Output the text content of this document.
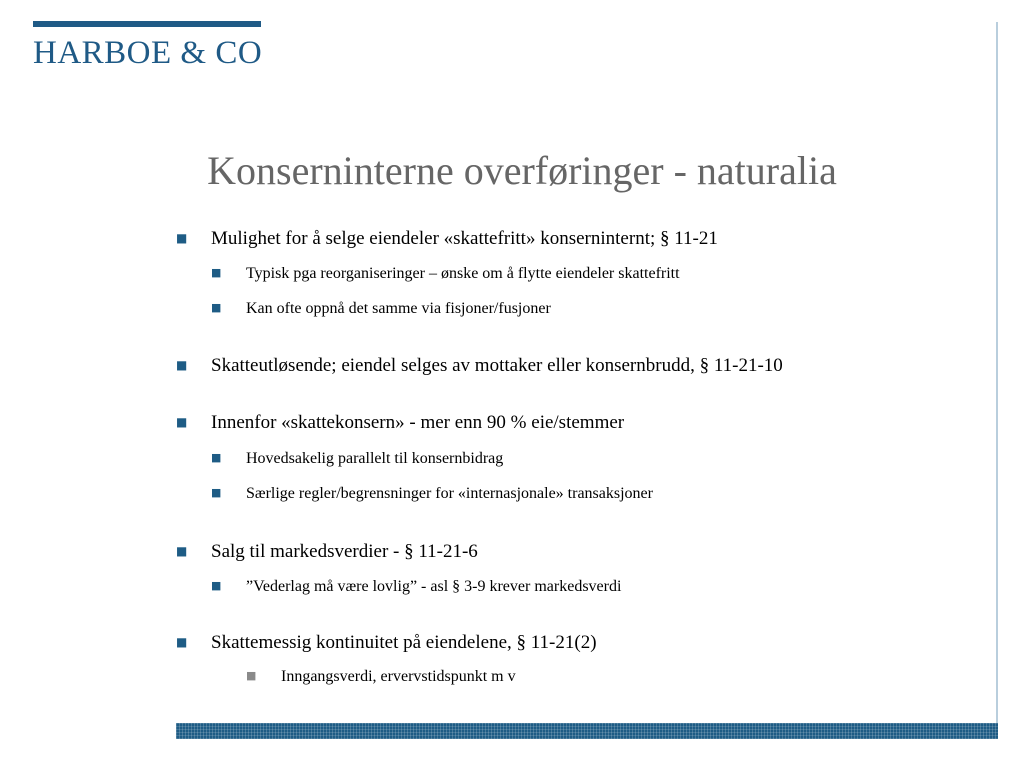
HARBOE & CO
Konserninterne overføringer - naturalia
■ Mulighet for å selge eiendeler «skattefritt» konserninternt; § 11-21
■ Typisk pga reorganiseringer – ønske om å flytte eiendeler skattefritt
■ Kan ofte oppnå det samme via fisjoner/fusjoner
■ Skatteutløsende; eiendel selges av mottaker eller konsernbrudd, § 11-21-10
■ Innenfor «skattekonsern» - mer enn 90 % eie/stemmer
■ Hovedsakelig parallelt til konsernbidrag
■ Særlige regler/begrensninger for «internasjonale» transaksjoner
■ Salg til markedsverdier - § 11-21-6
■ ”Vederlag må være lovlig” - asl § 3-9 krever markedsverdi
■ Skattemessig kontinuitet på eiendelene, § 11-21(2)
■ Inngangsverdi, ervervstidspunkt m v
